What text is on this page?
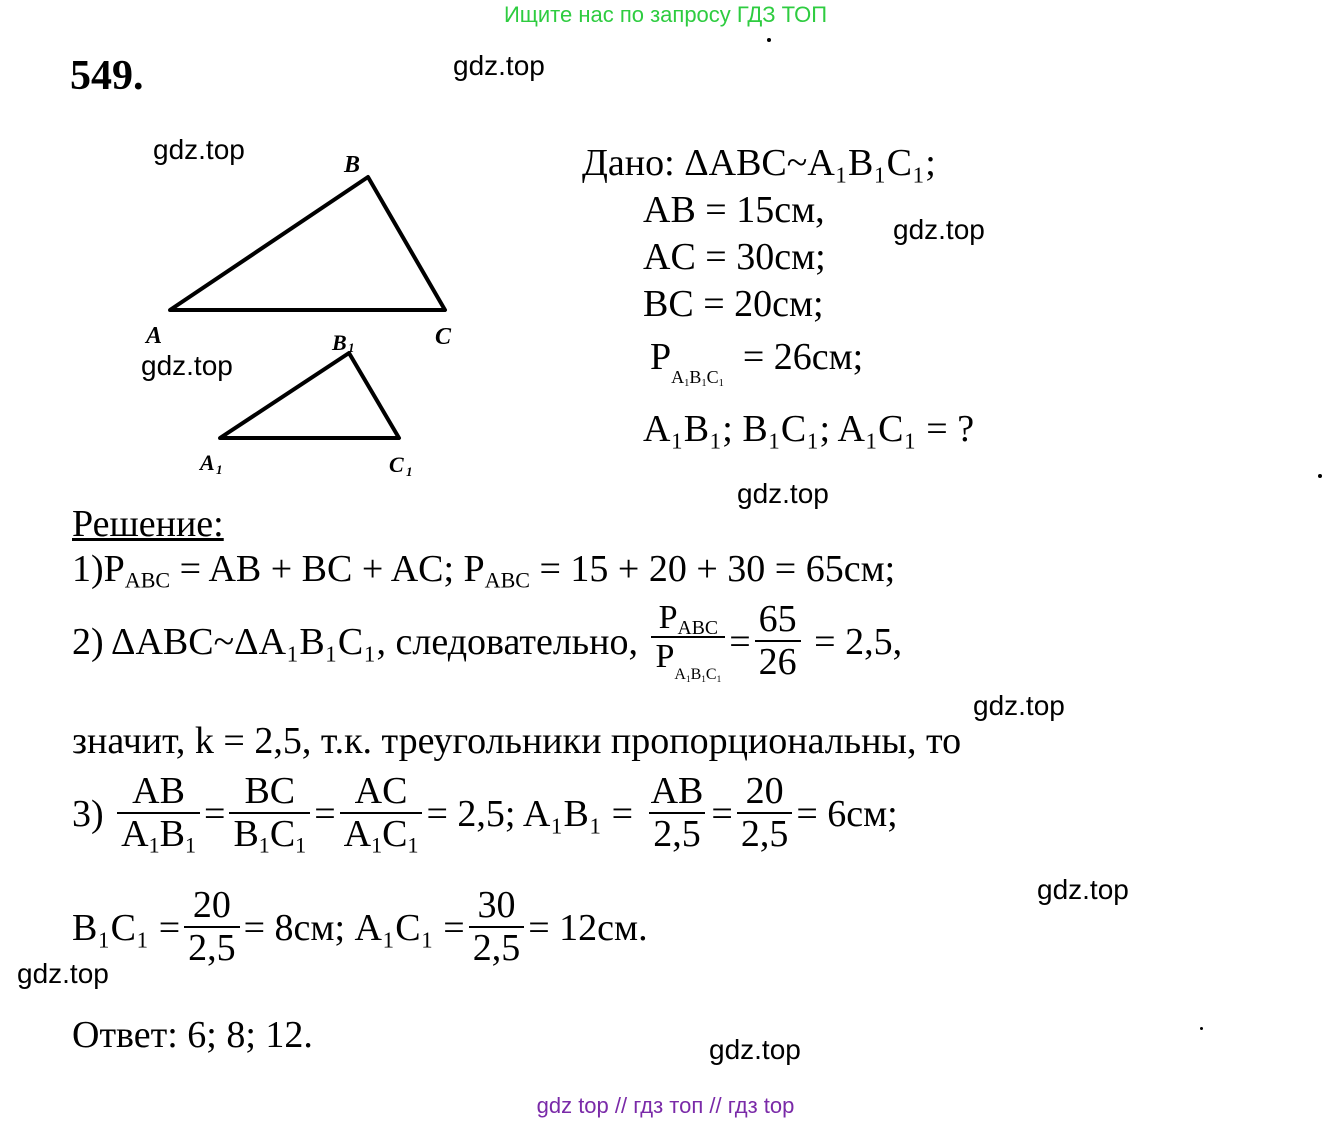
Ищите нас по запросу ГДЗ ТОП
549.	gdz.top
gdz.top
gdz.top
gdz.top
gdz.top
gdz.top
gdz.top
gdz.top
gdz.top
A
B
C
B 1
A 1	C 1
Дано: ΔABC~A₁B₁C₁;
AB = 15см,
AC = 30см;
BC = 20см;
$P_{A_1B_1C_1} = 26см$;
A₁B₁; B₁C₁; A₁C₁ = ?
Решение:
$1)P_{ABC}$ = AB + BC + AC; $P_{ABC} = 15 + 20 + 30 = 65см$;
2) ΔABC~ΔA₁B₁C₁, следовательно,
$\frac{P_{ABC}}{P_{A_1B_1C_1}} = \frac{65}{26}$
= 2,5,
значит, k = 2,5, т.к. треугольники пропорциональны, то
3)
$\frac{AB}{A_1B_1} = \frac{BC}{B_1C_1} = \frac{AC}{A_1C_1} = 2,5$; A₁B₁ =
$\frac{AB}{2,5} = \frac{20}{2,5} = 6см$;
$B_1C_1 = \frac{20}{2,5} = 8см$; $A_1C_1 = \frac{30}{2,5} = 12см$.
Ответ: 6; 8; 12.
gdz top // гдз топ // гдз top
